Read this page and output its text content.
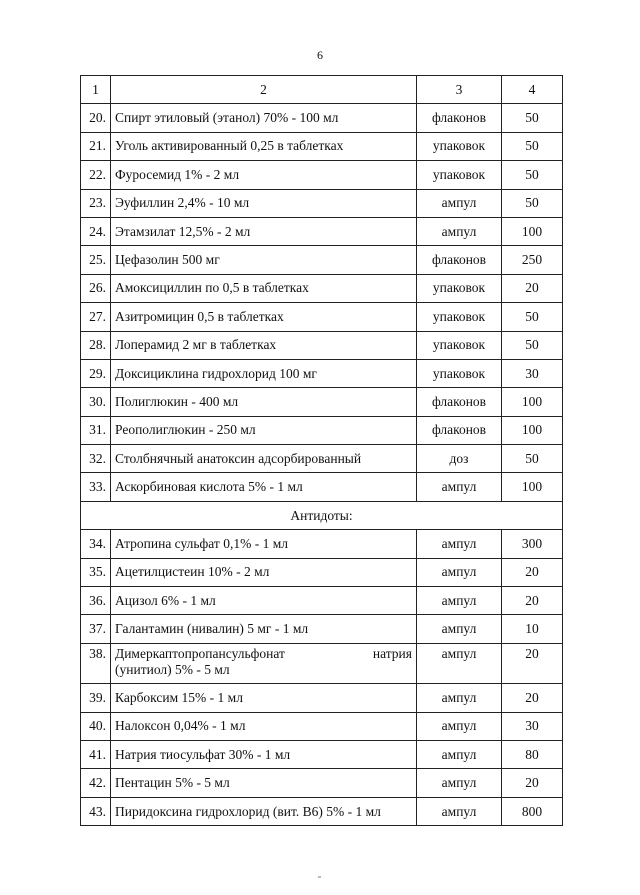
6
1	2	3	4
20.	Спирт этиловый (этанол) 70% - 100 мл	флаконов	50
21.	Уголь активированный 0,25 в таблетках	упаковок	50
22.	Фуросемид 1% - 2 мл	упаковок	50
23.	Эуфиллин 2,4% - 10 мл	ампул	50
24.	Этамзилат 12,5% - 2 мл	ампул	100
25.	Цефазолин 500 мг	флаконов	250
26.	Амоксициллин по 0,5 в таблетках	упаковок	20
27.	Азитромицин 0,5 в таблетках	упаковок	50
28.	Лоперамид 2 мг в таблетках	упаковок	50
29.	Доксициклина гидрохлорид 100 мг	упаковок	30
30.	Полиглюкин - 400 мл	флаконов	100
31.	Реополиглюкин - 250 мл	флаконов	100
32.	Столбнячный анатоксин адсорбированный	доз	50
33.	Аскорбиновая кислота 5% - 1 мл	ампул	100
Антидоты:			
34.	Атропина сульфат 0,1% - 1 мл	ампул	300
35.	Ацетилцистеин 10% - 2 мл	ампул	20
36.	Ацизол 6% - 1 мл	ампул	20
37.	Галантамин (нивалин) 5 мг - 1 мл	ампул	10
38.	Димеркаптопропансульфонат натрия
(унитиол) 5% - 5 мл	ампул	20
39.	Карбоксим 15% - 1 мл	ампул	20
40.	Налоксон 0,04% - 1 мл	ампул	30
41.	Натрия тиосульфат 30% - 1 мл	ампул	80
42.	Пентацин 5% - 5 мл	ампул	20
43.	Пиридоксина гидрохлорид (вит. В6) 5% - 1 мл	ампул	800
